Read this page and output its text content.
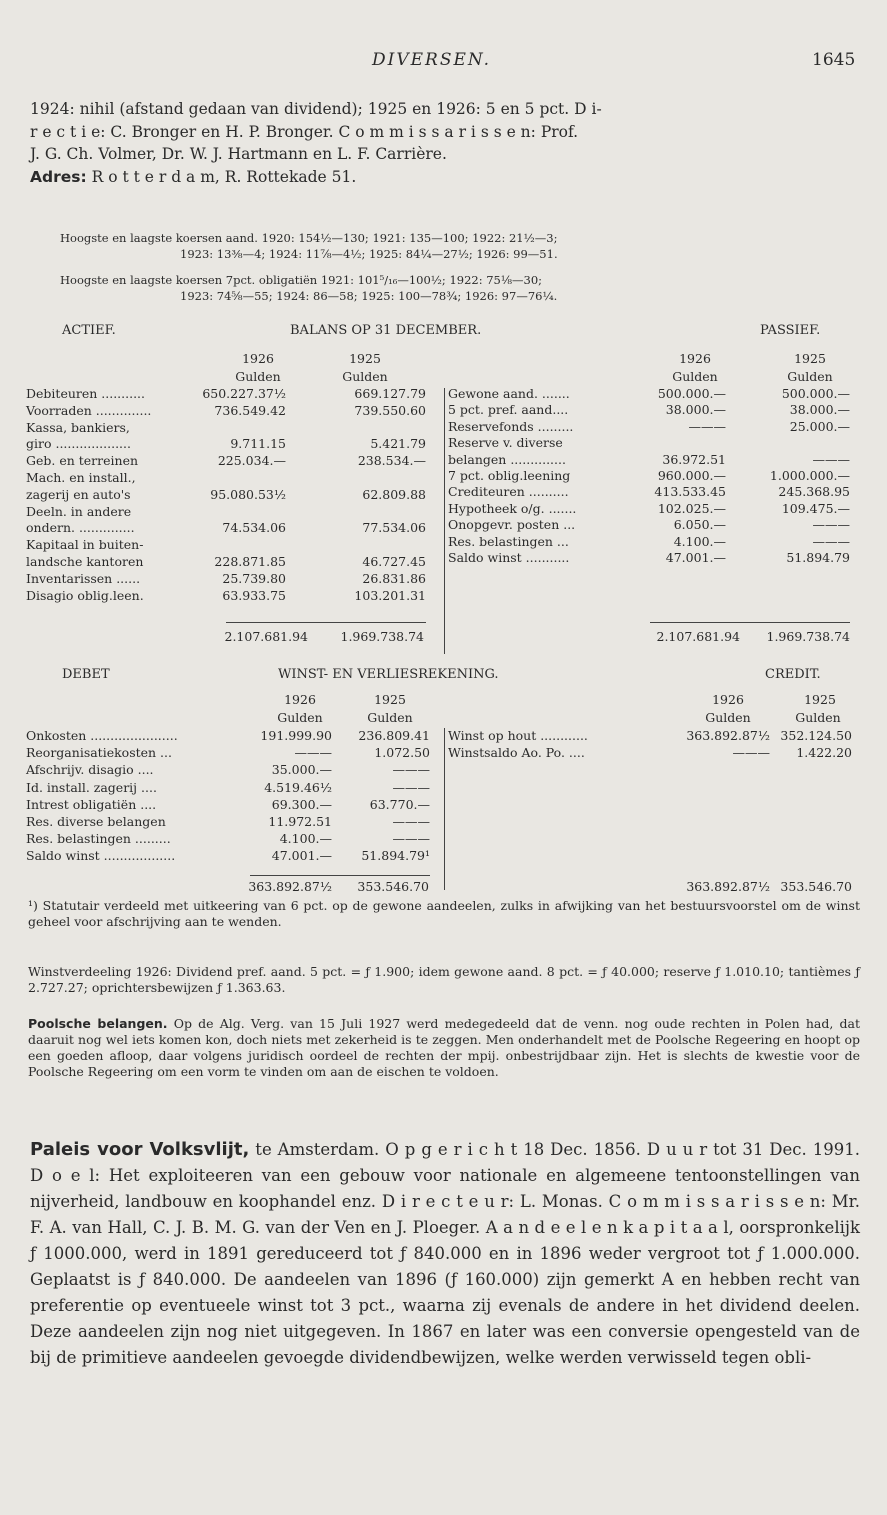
DIVERSEN.	1645
1924: nihil (afstand gedaan van dividend); 1925 en 1926: 5 en 5 pct. D i-
r e c t i e: C. Bronger en H. P. Bronger. C o m m i s s a r i s s e n: Prof.
J. G. Ch. Volmer, Dr. W. J. Hartmann en L. F. Carrière.
Adres: R o t t e r d a m, R. Rottekade 51.
Hoogste en laagste koersen aand. 1920: 154½—130; 1921: 135—100; 1922: 21½—3;
1923: 13⅜—4; 1924: 11⅞—4½; 1925: 84¼—27½; 1926: 99—51.
Hoogste en laagste koersen 7pct. obligatiën 1921: 101⁵/₁₆—100½; 1922: 75⅛—30;
1923: 74⅝—55; 1924: 86—58; 1925: 100—78¾; 1926: 97—76¼.
ACTIEF.	BALANS OP 31 DECEMBER.	PASSIEF.
1926	1925	1926	1925
Gulden	Gulden	Gulden	Gulden
2.107.681.94	1.969.738.74	2.107.681.94	1.969.738.74
Debiteuren ...........	650.227.37½	669.127.79
Voorraden ..............	736.549.42	739.550.60
Kassa, bankiers,
giro ...................	9.711.15	5.421.79
Geb. en terreinen	225.034.—	238.534.—
Mach. en install.,
zagerij en auto's	95.080.53½	62.809.88
Deeln. in andere
ondern. ..............	74.534.06	77.534.06
Kapitaal in buiten-
landsche kantoren	228.871.85	46.727.45
Inventarissen ......	25.739.80	26.831.86
Disagio oblig.leen.	63.933.75	103.201.31
Gewone aand. .......	500.000.—	500.000.—
5 pct. pref. aand....	38.000.—	38.000.—
Reservefonds .........	———	25.000.—
Reserve v. diverse
belangen ..............	36.972.51	———
7 pct. oblig.leening	960.000.—	1.000.000.—
Crediteuren ..........	413.533.45	245.368.95
Hypotheek o/g. .......	102.025.—	109.475.—
Onopgevr. posten ...	6.050.—	———
Res. belastingen ...	4.100.—	———
Saldo winst ...........	47.001.—	51.894.79
DEBET	WINST- EN VERLIESREKENING.	CREDIT.
1926	1925	1926	1925
Gulden	Gulden	Gulden	Gulden
363.892.87½	353.546.70	363.892.87½ 353.546.70
Onkosten ......................	191.999.90	236.809.41
Reorganisatiekosten ...	———	1.072.50
Afschrijv. disagio ....	35.000.—	———
Id. install. zagerij ....	4.519.46½	———
Intrest obligatiën ....	69.300.—	63.770.—
Res. diverse belangen	11.972.51	———
Res. belastingen .........	4.100.—	———
Saldo winst ..................	47.001.—	51.894.79¹
Winst op hout ............	363.892.87½ 352.124.50
Winstsaldo Ao. Po. ....	———	1.422.20
¹) Statutair verdeeld met uitkeering van 6 pct. op de gewone aandeelen, zulks in afwijking van het bestuursvoorstel om de winst geheel voor afschrijving aan te wenden.
Winstverdeeling 1926: Dividend pref. aand. 5 pct. = ƒ 1.900; idem gewone aand. 8 pct. = ƒ 40.000; reserve ƒ 1.010.10; tantièmes ƒ 2.727.27; oprichtersbewijzen ƒ 1.363.63.
Poolsche belangen. Op de Alg. Verg. van 15 Juli 1927 werd medegedeeld dat de venn. nog oude rechten in Polen had, dat daaruit nog wel iets komen kon, doch niets met zekerheid is te zeggen. Men onderhandelt met de Poolsche Regeering en hoopt op een goeden afloop, daar volgens juridisch oordeel de rechten der mpij. onbestrijdbaar zijn. Het is slechts de kwestie voor de Poolsche Regeering om een vorm te vinden om aan de eischen te voldoen.
Paleis voor Volksvlijt, te Amsterdam. O p g e r i c h t 18 Dec. 1856. D u u r tot 31 Dec. 1991. D o e l: Het exploiteeren van een gebouw voor nationale en algemeene tentoonstellingen van nijverheid, landbouw en koophandel enz. D i r e c t e u r: L. Monas. C o m m i s s a r i s s e n: Mr. F. A. van Hall, C. J. B. M. G. van der Ven en J. Ploeger. A a n d e e l e n k a p i t a a l, oorspronkelijk ƒ 1000.000, werd in 1891 gereduceerd tot ƒ 840.000 en in 1896 weder vergroot tot ƒ 1.000.000. Geplaatst is ƒ 840.000. De aandeelen van 1896 (ƒ 160.000) zijn gemerkt A en hebben recht van preferentie op eventueele winst tot 3 pct., waarna zij evenals de andere in het dividend deelen. Deze aandeelen zijn nog niet uitgegeven. In 1867 en later was een conversie opengesteld van de bij de primitieve aandeelen gevoegde dividendbewijzen, welke werden verwisseld tegen obli-
